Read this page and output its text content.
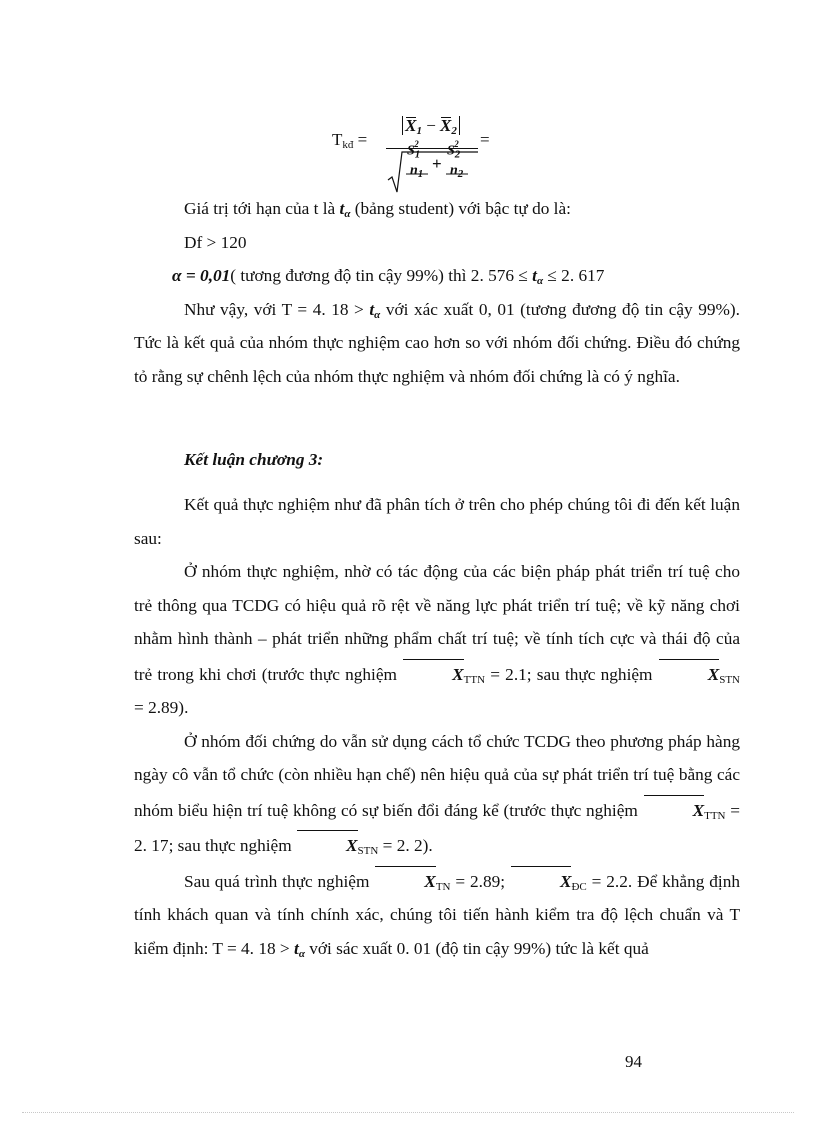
$T_{kđ}$ =
$X_1 - X_2$
$S_1^2$
+
$S_2^2$
$n_1$ $n_2$
=

Giá trị tới hạn của t là $t_\alpha$ (bảng student) với bậc tự do là:

Df > 120

α = 0,01( tương đương độ tin cậy 99%) thì 2. $576 \le t_\alpha \le 2$. 617

Như vậy, với T = 4. $18 > t_\alpha$ với xác xuất 0, 01 (tương đương độ tin cậy 99%). Tức là kết quả của nhóm thực nghiệm cao hơn so với nhóm đối chứng. Điều đó chứng tỏ rằng sự chênh lệch của nhóm thực nghiệm và nhóm đối chứng là có ý nghĩa.

Kết luận chương 3:

Kết quả thực nghiệm như đã phân tích ở trên cho phép chúng tôi đi đến kết luận sau:

Ở nhóm thực nghiệm, nhờ có tác động của các biện pháp phát triển trí tuệ cho trẻ thông qua TCDG có hiệu quả rõ rệt về năng lực phát triển trí tuệ; về kỹ năng chơi nhằm hình thành – phát triển những phẩm chất trí tuệ; về tính tích cực và thái độ của trẻ trong khi chơi (trước thực nghiệm	$X_{TTN} = 2.1$; sau thực nghiệm	$X_{STN} = 2.89$).

Ở nhóm đối chứng do vẫn sử dụng cách tổ chức TCDG theo phương pháp hàng ngày cô vẫn tổ chức (còn nhiều hạn chế) nên hiệu quả của sự phát triển trí tuệ bằng các nhóm biểu hiện trí tuệ không có sự biến đổi đáng kể (trước thực nghiệm	$X_{TTN} = 2$. 17; sau thực nghiệm	$X_{STN} = 2$. 2).

Sau quá trình thực nghiệm	$X_{TN} = 2.89$;	$X_{ĐC} = 2.2$. Để khẳng định tính khách quan và tính chính xác, chúng tôi tiến hành kiểm tra độ lệch chuẩn và T kiểm định: T = 4. $18 > t_\alpha$ với sác xuất 0. 01 (độ tin cậy 99%) tức là kết quả

94
